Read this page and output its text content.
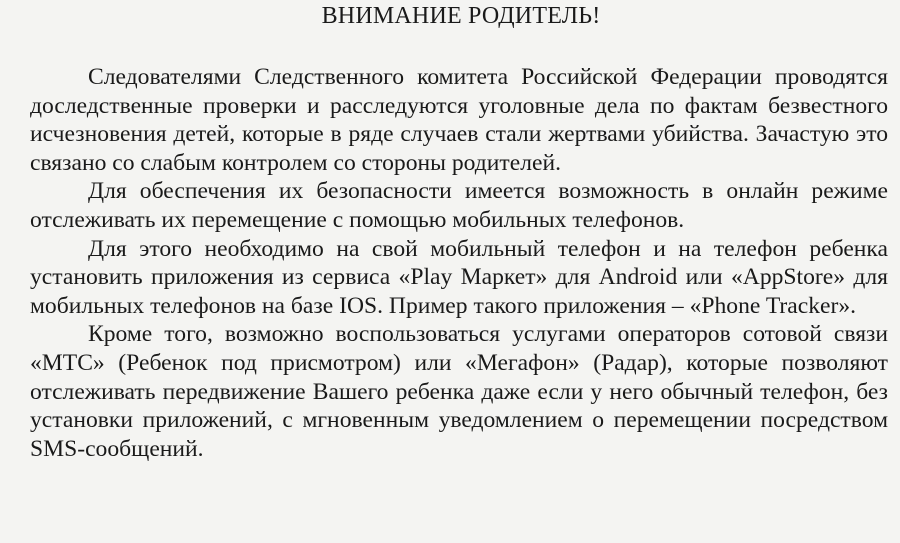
ВНИМАНИЕ РОДИТЕЛЬ!

Следователями Следственного комитета Российской Федерации проводятся доследственные проверки и расследуются уголовные дела по фактам безвестного исчезновения детей, которые в ряде случаев стали жертвами убийства. Зачастую это связано со слабым контролем со стороны родителей.

Для обеспечения их безопасности имеется возможность в онлайн режиме отслеживать их перемещение с помощью мобильных телефонов.

Для этого необходимо на свой мобильный телефон и на телефон ребенка установить приложения из сервиса «Play Маркет» для Android или «AppStore» для мобильных телефонов на базе IOS. Пример такого приложения – «Phone Tracker».

Кроме того, возможно воспользоваться услугами операторов сотовой связи «МТС» (Ребенок под присмотром) или «Мегафон» (Радар), которые позволяют отслеживать передвижение Вашего ребенка даже если у него обычный телефон, без установки приложений, с мгновенным уведомлением о перемещении посредством SMS-сообщений.
